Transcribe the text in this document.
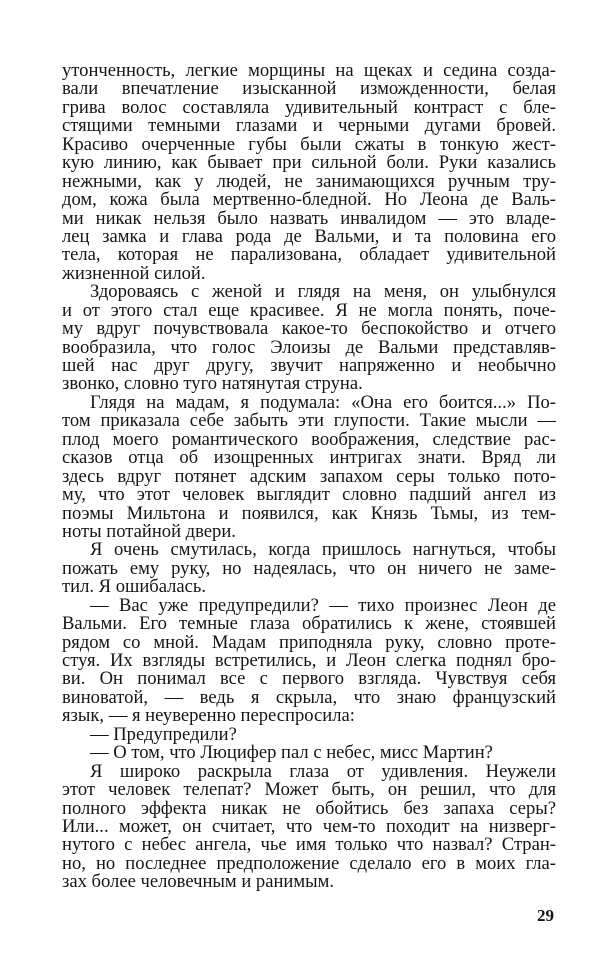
утонченность, легкие морщины на щеках и седина созда-
вали впечатление изысканной изможденности, белая
грива волос составляла удивительный контраст с бле-
стящими темными глазами и черными дугами бровей.
Красиво очерченные губы были сжаты в тонкую жест-
кую линию, как бывает при сильной боли. Руки казались
нежными, как у людей, не занимающихся ручным тру-
дом, кожа была мертвенно-бледной. Но Леона де Валь-
ми никак нельзя было назвать инвалидом — это владе-
лец замка и глава рода де Вальми, и та половина его
тела, которая не парализована, обладает удивительной
жизненной силой.
Здороваясь с женой и глядя на меня, он улыбнулся
и от этого стал еще красивее. Я не могла понять, поче-
му вдруг почувствовала какое-то беспокойство и отчего
вообразила, что голос Элоизы де Вальми представляв-
шей нас друг другу, звучит напряженно и необычно
звонко, словно туго натянутая струна.
Глядя на мадам, я подумала: «Она его боится...» По-
том приказала себе забыть эти глупости. Такие мысли —
плод моего романтического воображения, следствие рас-
сказов отца об изощренных интригах знати. Вряд ли
здесь вдруг потянет адским запахом серы только пото-
му, что этот человек выглядит словно падший ангел из
поэмы Мильтона и появился, как Князь Тьмы, из тем-
ноты потайной двери.
Я очень смутилась, когда пришлось нагнуться, чтобы
пожать ему руку, но надеялась, что он ничего не заме-
тил. Я ошибалась.
— Вас уже предупредили? — тихо произнес Леон де
Вальми. Его темные глаза обратились к жене, стоявшей
рядом со мной. Мадам приподняла руку, словно проте-
стуя. Их взгляды встретились, и Леон слегка поднял бро-
ви. Он понимал все с первого взгляда. Чувствуя себя
виноватой, — ведь я скрыла, что знаю французский
язык, — я неуверенно переспросила:
— Предупредили?
— О том, что Люцифер пал с небес, мисс Мартин?
Я широко раскрыла глаза от удивления. Неужели
этот человек телепат? Может быть, он решил, что для
полного эффекта никак не обойтись без запаха серы?
Или... может, он считает, что чем-то походит на низверг-
нутого с небес ангела, чье имя только что назвал? Стран-
но, но последнее предположение сделало его в моих гла-
зах более человечным и ранимым.
29
